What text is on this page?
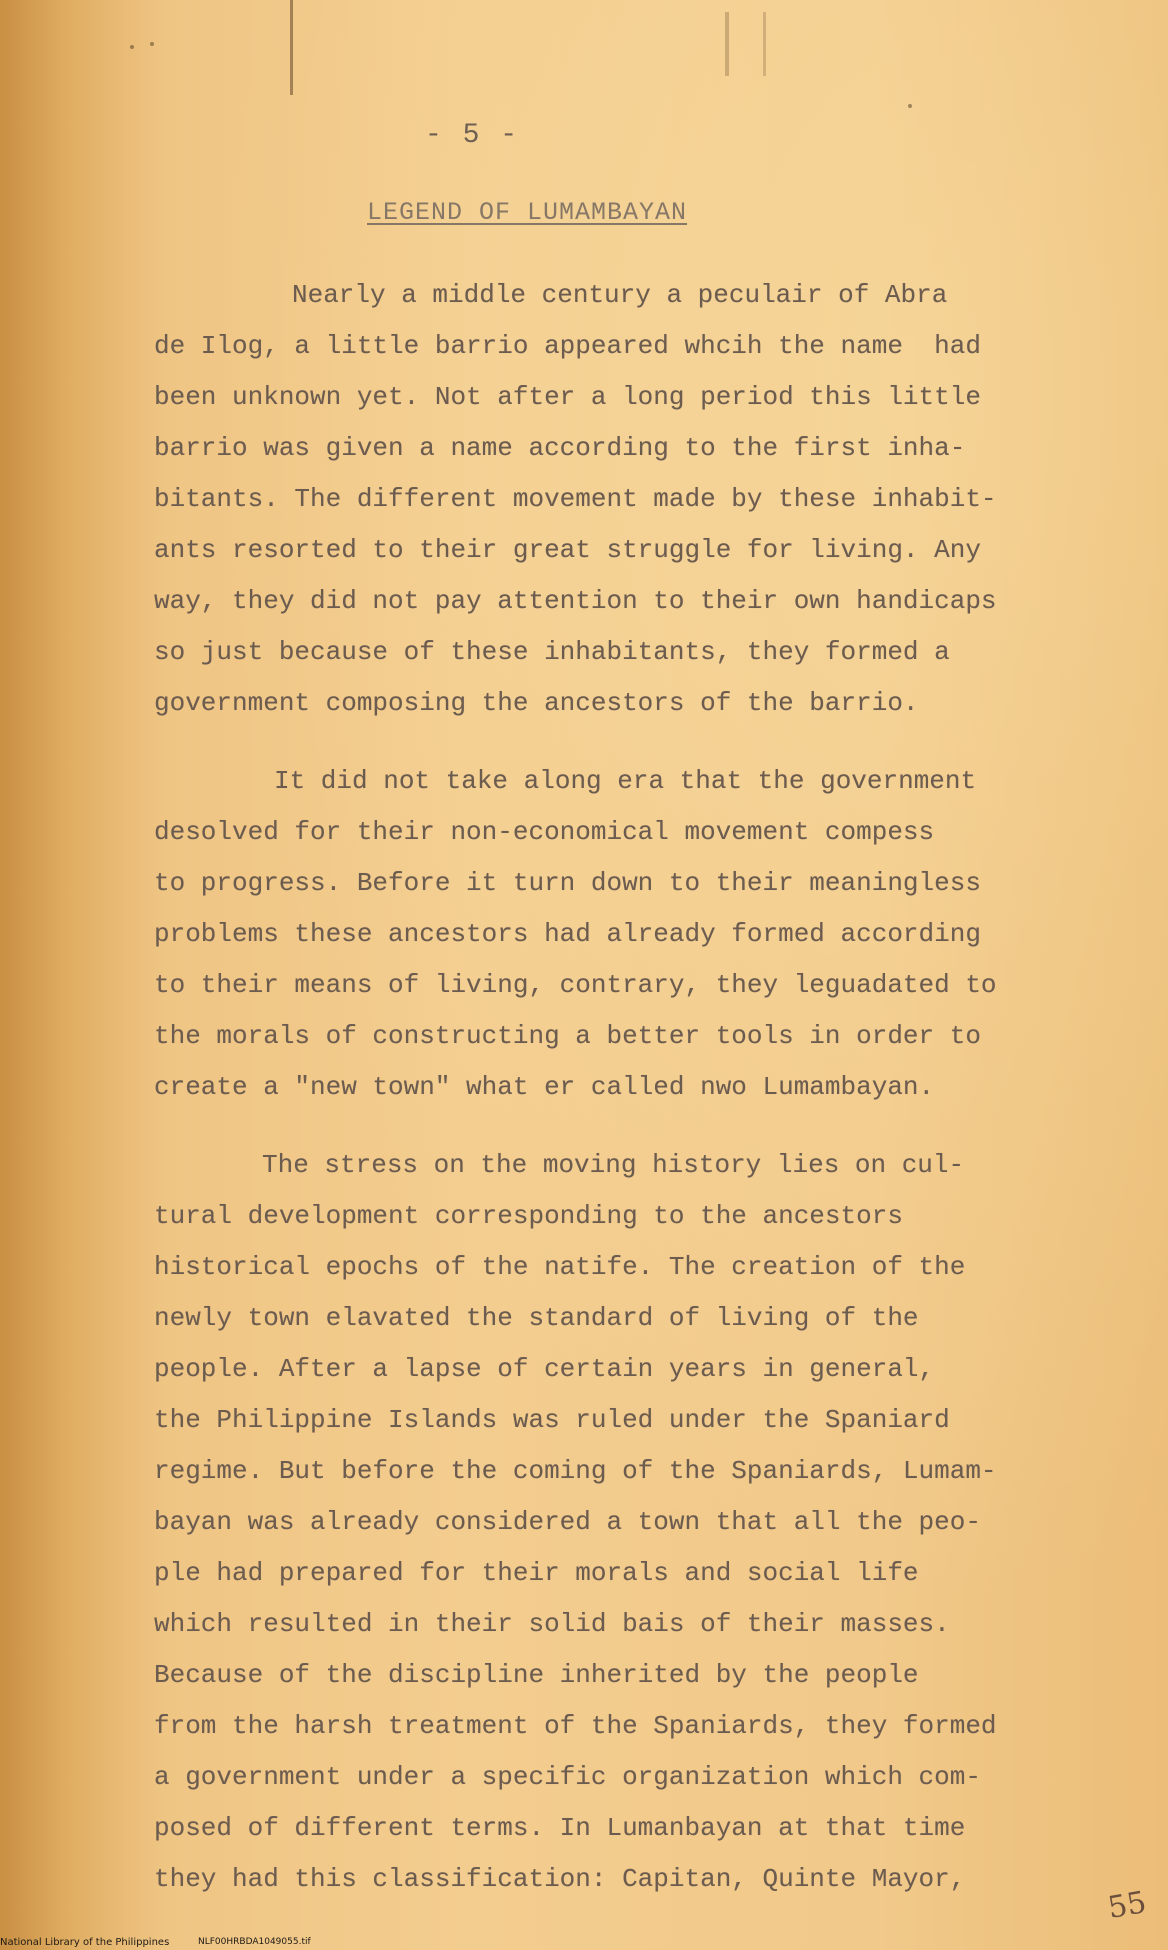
- 5 -
LEGEND OF LUMAMBAYAN
Nearly a middle century a peculair of Abra
de Ilog, a little barrio appeared whcih the name  had
been unknown yet. Not after a long period this little
barrio was given a name according to the first inha-
bitants. The different movement made by these inhabit-
ants resorted to their great struggle for living. Any
way, they did not pay attention to their own handicaps
so just because of these inhabitants, they formed a
government composing the ancestors of the barrio.
It did not take along era that the government
desolved for their non-economical movement compess
to progress. Before it turn down to their meaningless
problems these ancestors had already formed according
to their means of living, contrary, they leguadated to
the morals of constructing a better tools in order to
create a "new town" what er called nwo Lumambayan.
The stress on the moving history lies on cul-
tural development corresponding to the ancestors
historical epochs of the natife. The creation of the
newly town elavated the standard of living of the
people. After a lapse of certain years in general,
the Philippine Islands was ruled under the Spaniard
regime. But before the coming of the Spaniards, Lumam-
bayan was already considered a town that all the peo-
ple had prepared for their morals and social life
which resulted in their solid bais of their masses.
Because of the discipline inherited by the people
from the harsh treatment of the Spaniards, they formed
a government under a specific organization which com-
posed of different terms. In Lumanbayan at that time
they had this classification: Capitan, Quinte Mayor,
55
National Library of the Philippines	NLF00HRBDA1049055.tif
